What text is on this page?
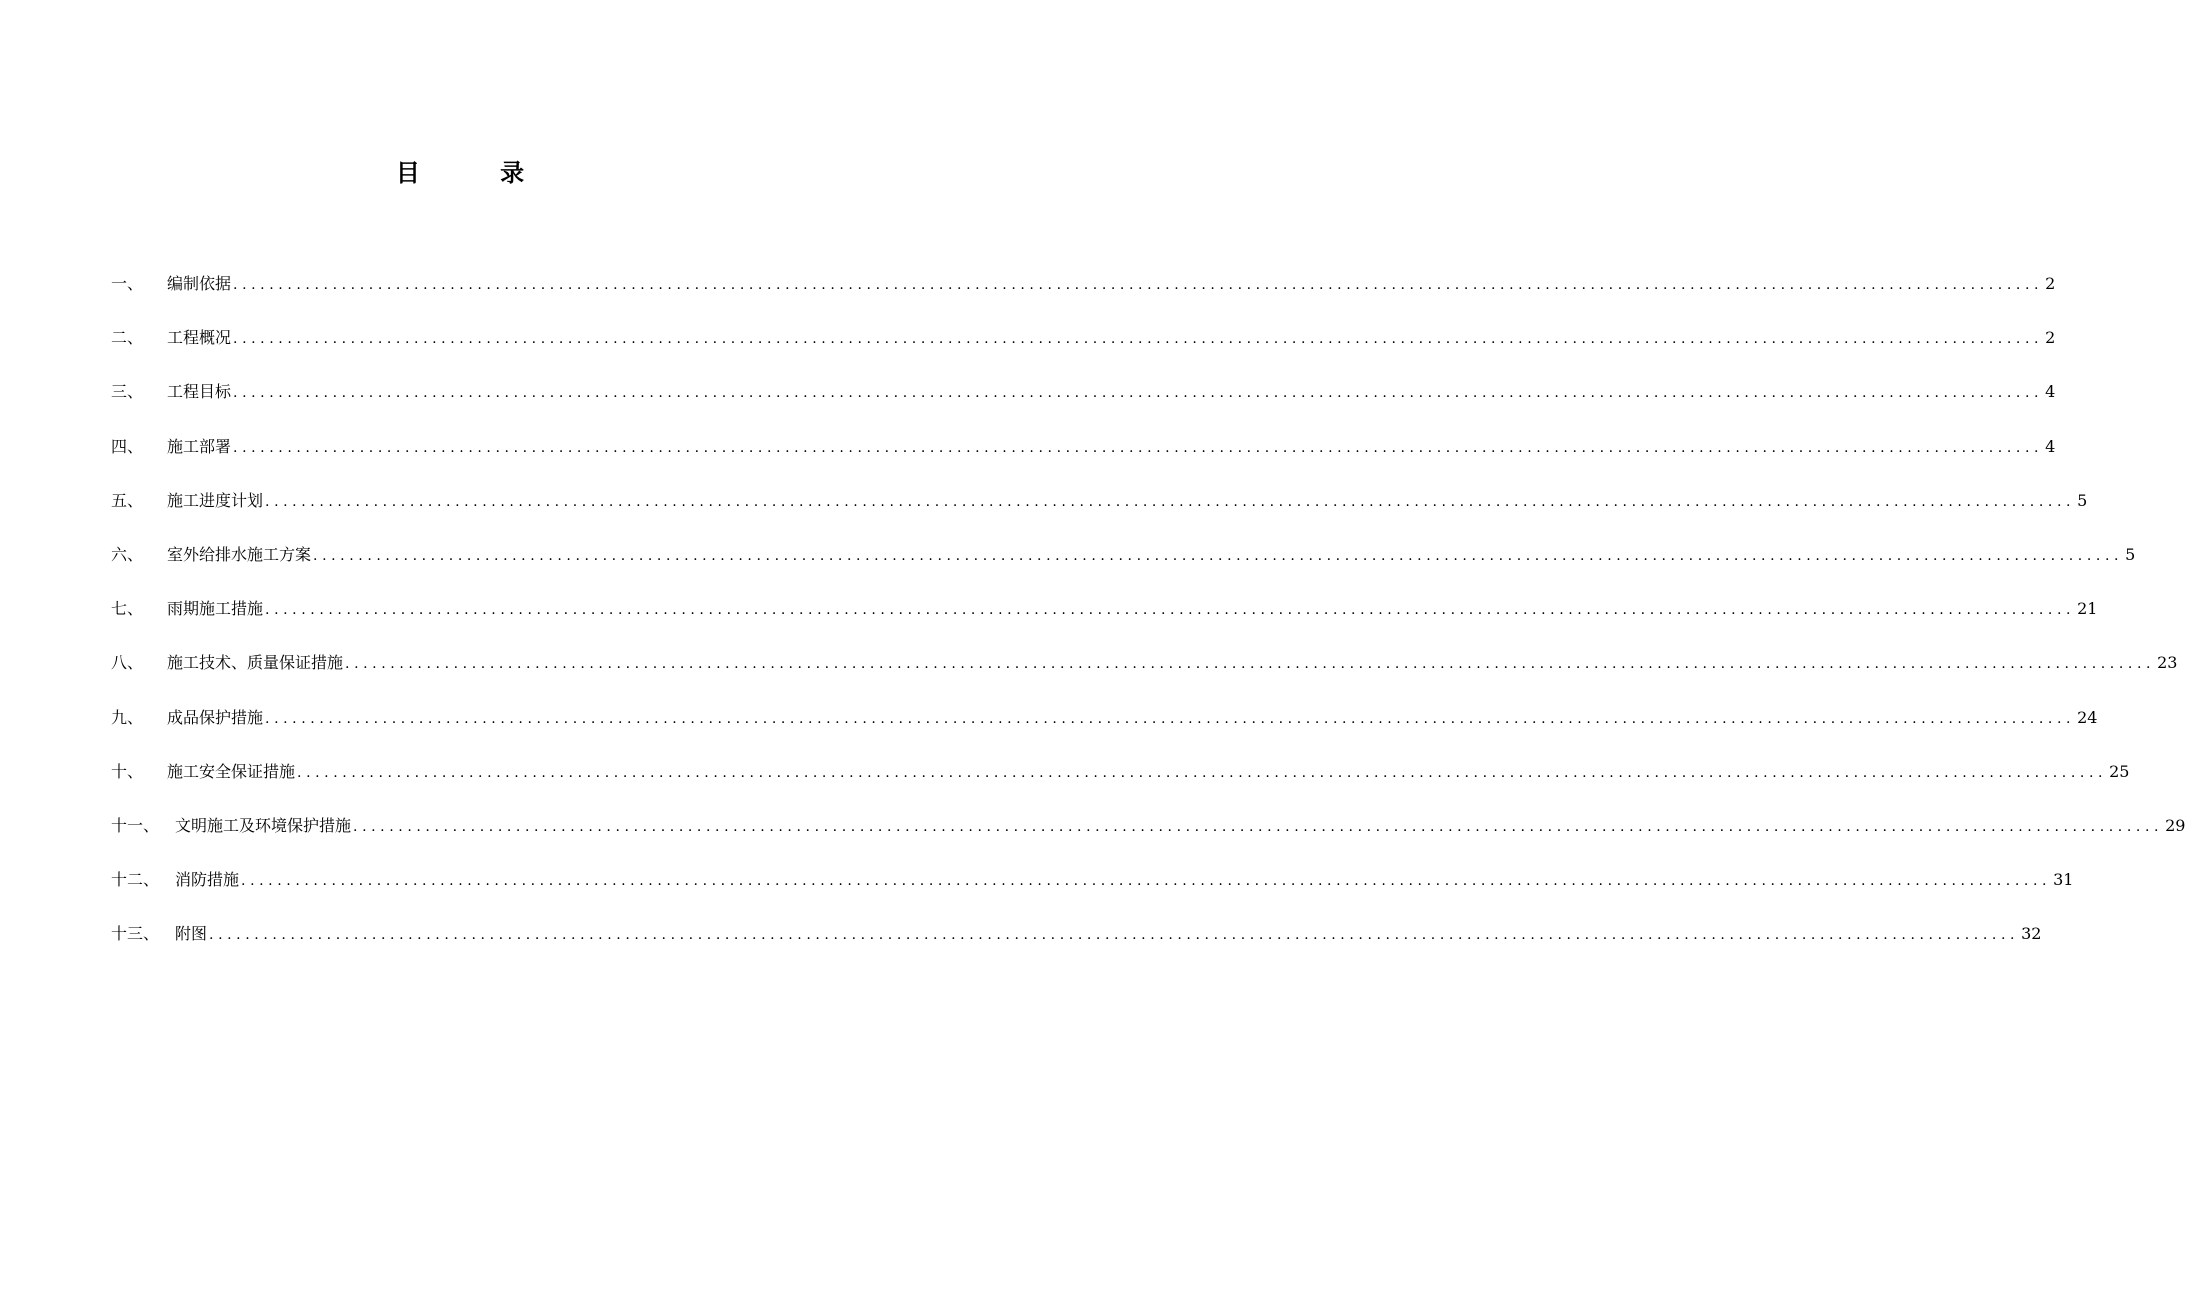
目 录
一、	编制依据 ........................................................................................................................................................................................................ 2
二、	工程概况 ........................................................................................................................................................................................................ 2
三、	工程目标 ........................................................................................................................................................................................................ 4
四、	施工部署 ........................................................................................................................................................................................................ 4
五、	施工进度计划 ........................................................................................................................................................................................................ 5
六、	室外给排水施工方案 ........................................................................................................................................................................................................ 5
七、	雨期施工措施 ........................................................................................................................................................................................................ 21
八、	施工技术、质量保证措施 ........................................................................................................................................................................................................ 23
九、	成品保护措施 ........................................................................................................................................................................................................ 24
十、	施工安全保证措施 ........................................................................................................................................................................................................ 25
十一、 文明施工及环境保护措施 ........................................................................................................................................................................................................ 29
十二、 消防措施 ........................................................................................................................................................................................................ 31
十三、 附图 ........................................................................................................................................................................................................ 32
